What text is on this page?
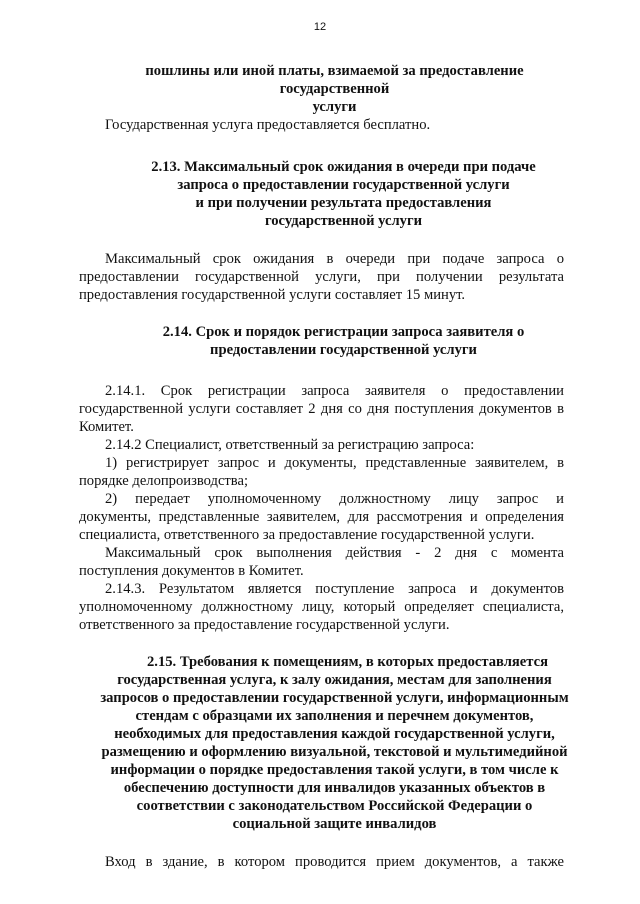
12
пошлины или иной платы, взимаемой за предоставление
государственной
услуги

Государственная услуга предоставляется бесплатно.

2.13. Максимальный срок ожидания в очереди при подаче
запроса о предоставлении государственной услуги
и при получении результата предоставления
государственной услуги
Максимальный срок ожидания в очереди при подаче запроса о
предоставлении государственной услуги, при получении результата
предоставления государственной услуги составляет 15 минут.
2.14. Срок и порядок регистрации запроса заявителя о
предоставлении государственной услуги
2.14.1. Срок регистрации запроса заявителя о предоставлении
государственной услуги составляет 2 дня со дня поступления документов в
Комитет.
2.14.2 Специалист, ответственный за регистрацию запроса:
1) регистрирует запрос и документы, представленные заявителем, в
порядке делопроизводства;
2) передает уполномоченному должностному лицу запрос и
документы, представленные заявителем, для рассмотрения и определения
специалиста, ответственного за предоставление государственной услуги.
Максимальный срок выполнения действия - 2 дня с момента
поступления документов в Комитет.
2.14.3. Результатом является поступление запроса и документов
уполномоченному должностному лицу, который определяет специалиста,
ответственного за предоставление государственной услуги.
2.15. Требования к помещениям, в которых предоставляется
государственная услуга, к залу ожидания, местам для заполнения
запросов о предоставлении государственной услуги, информационным
стендам с образцами их заполнения и перечнем документов,
необходимых для предоставления каждой государственной услуги,
размещению и оформлению визуальной, текстовой и мультимедийной
информации о порядке предоставления такой услуги, в том числе к
обеспечению доступности для инвалидов указанных объектов в
соответствии с законодательством Российской Федерации о
социальной защите инвалидов
Вход в здание, в котором проводится прием документов, а также
